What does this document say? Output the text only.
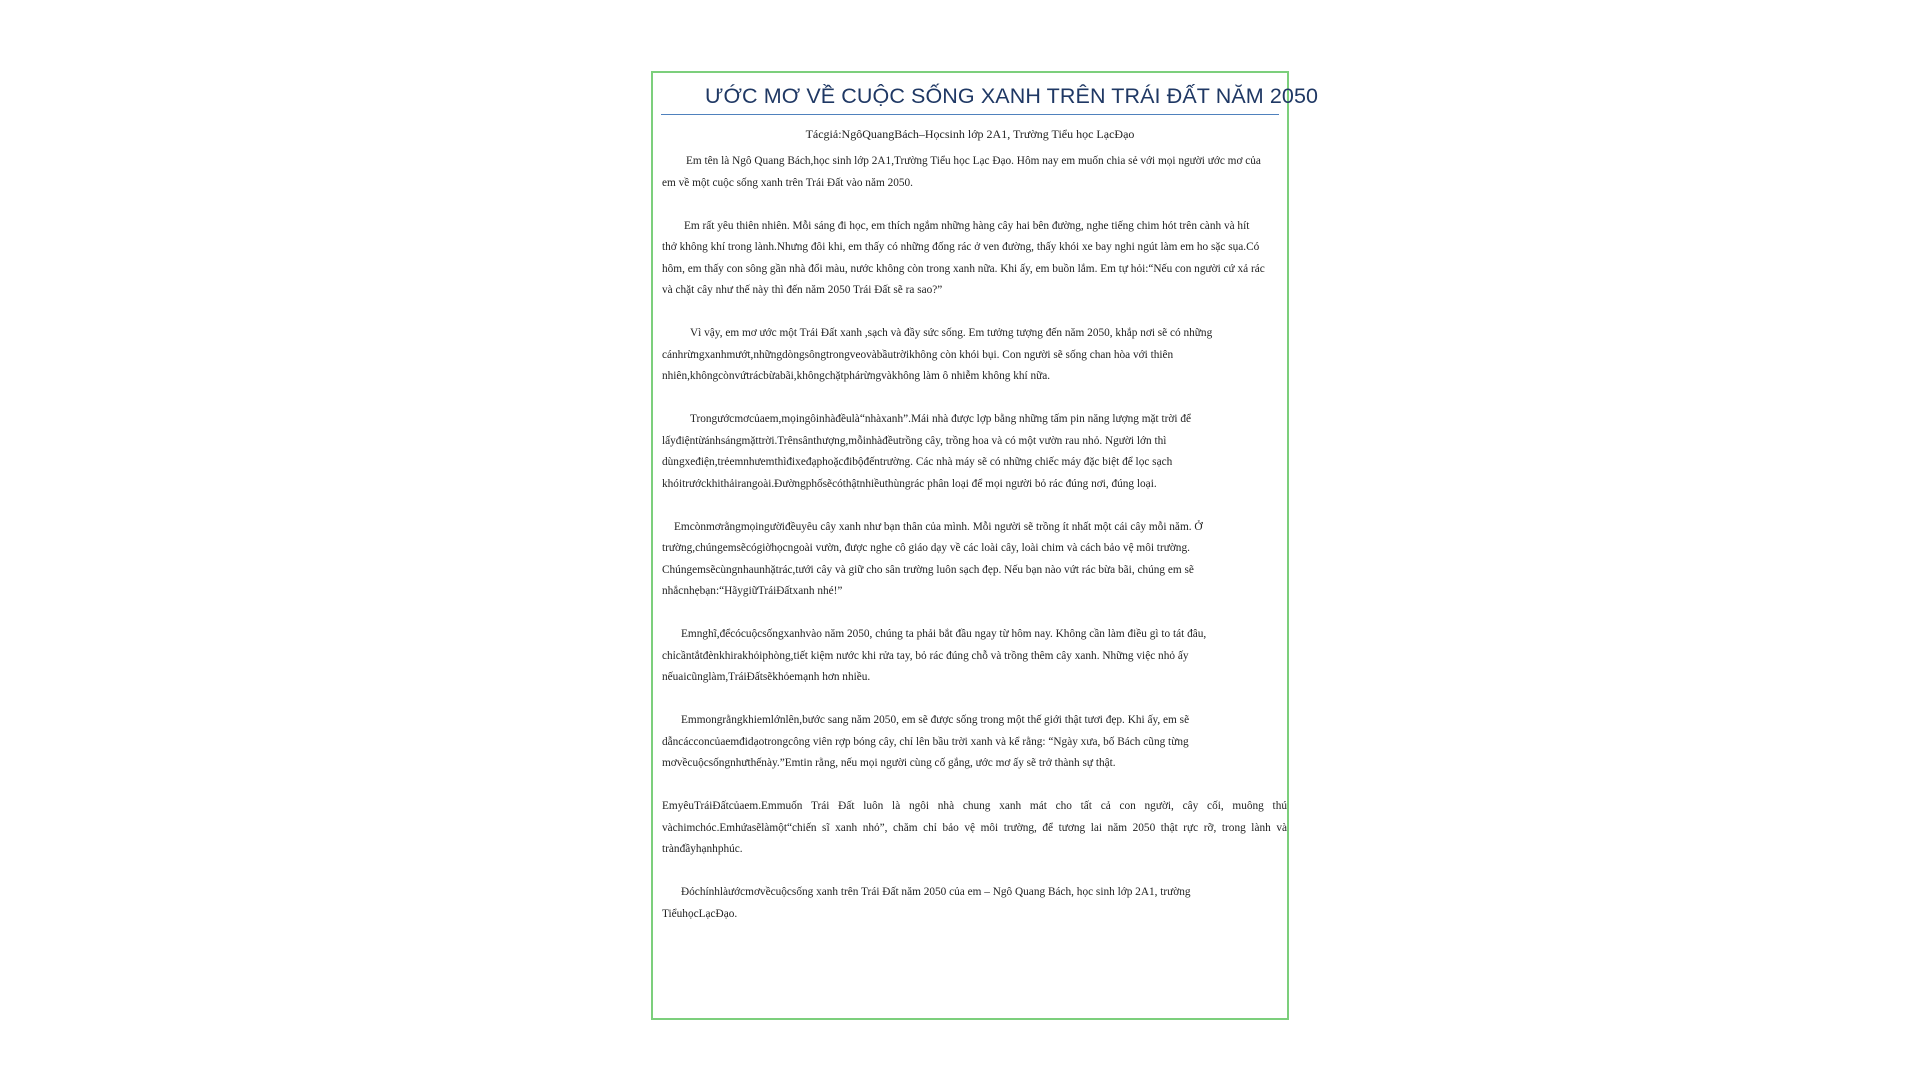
ƯỚC MƠ VỀ CUỘC SỐNG XANH TRÊN TRÁI ĐẤT NĂM 2050
Tácgiả:NgôQuangBách–Họcsinh lớp 2A1, Trường Tiểu học LạcĐạo

Em tên là Ngô Quang Bách,học sinh lớp 2A1,Trường Tiểu học Lạc Đạo. Hôm nay em muốn chia sẻ với mọi người ước mơ của em về một cuộc sống xanh trên Trái Đất vào năm 2050.

Em rất yêu thiên nhiên. Mỗi sáng đi học, em thích ngắm những hàng cây hai bên đường, nghe tiếng chim hót trên cành và hít thở không khí trong lành.Nhưng đôi khi, em thấy có những đống rác ở ven đường, thấy khói xe bay nghi ngút làm em ho sặc sụa.Có hôm, em thấy con sông gần nhà đổi màu, nước không còn trong xanh nữa. Khi ấy, em buồn lắm. Em tự hỏi:“Nếu con người cứ xả rác và chặt cây như thế này thì đến năm 2050 Trái Đất sẽ ra sao?”

Vì vậy, em mơ ước một Trái Đất xanh ,sạch và đầy sức sống. Em tưởng tượng đến năm 2050, khắp nơi sẽ có những cánhrừngxanhmướt,nhữngdòngsôngtrongveovàbầutrờikhông còn khói bụi. Con người sẽ sống chan hòa với thiên nhiên,khôngcònvứtrácbừabãi,khôngchặtphárừngvàkhông làm ô nhiễm không khí nữa.

Trongướcmơcủaem,mọingôinhàđềulà“nhàxanh”.Mái nhà được lợp bằng những tấm pin năng lượng mặt trời để lấyđiệntừánhsángmặttrời.Trênsânthượng,mỗinhàđềutrồng cây, trồng hoa và có một vườn rau nhỏ. Người lớn thì dùngxeđiện,trẻemnhưemthìđixeđạphoặcđibộđếntrường. Các nhà máy sẽ có những chiếc máy đặc biệt để lọc sạch khóitrướckhithảirangoài.Đườngphốsẽcóthậtnhiềuthùngrác phân loại để mọi người bỏ rác đúng nơi, đúng loại.

Emcònmơrằngmọingườiđềuyêu cây xanh như bạn thân của mình. Mỗi người sẽ trồng ít nhất một cái cây mỗi năm. Ở trường,chúngemsẽcógiờhọcngoài vườn, được nghe cô giáo dạy về các loài cây, loài chim và cách bảo vệ môi trường. Chúngemsẽcùngnhaunhặtrác,tưới cây và giữ cho sân trường luôn sạch đẹp. Nếu bạn nào vứt rác bừa bãi, chúng em sẽ nhắcnhẹbạn:“HãygiữTráiĐấtxanh nhé!”

Emnghĩ,đểcócuộcsốngxanhvào năm 2050, chúng ta phải bắt đầu ngay từ hôm nay. Không cần làm điều gì to tát đâu, chỉcầntắtđènkhirakhỏiphòng,tiết kiệm nước khi rửa tay, bỏ rác đúng chỗ và trồng thêm cây xanh. Những việc nhỏ ấy nếuaicũnglàm,TráiĐấtsẽkhỏemạnh hơn nhiều.

Emmongrằngkhiemlớnlên,bước sang năm 2050, em sẽ được sống trong một thế giới thật tươi đẹp. Khi ấy, em sẽ dẫncácconcủaemđidạotrongcông viên rợp bóng cây, chỉ lên bầu trời xanh và kể rằng: “Ngày xưa, bố Bách cũng từng mơvềcuộcsốngnhưthếnày.”Emtin rằng, nếu mọi người cùng cố gắng, ước mơ ấy sẽ trở thành sự thật.

EmyêuTráiĐấtcủaem.Emmuốn Trái Đất luôn là ngôi nhà chung xanh mát cho tất cả con người, cây cối, muông thú vàchimchóc.Emhứasẽlàmột“chiến sĩ xanh nhỏ”, chăm chỉ bảo vệ môi trường, để tương lai năm 2050 thật rực rỡ, trong lành và trànđầyhạnhphúc.

Đóchínhlàướcmơvềcuộcsống xanh trên Trái Đất năm 2050 của em – Ngô Quang Bách, học sinh lớp 2A1, trường TiểuhọcLạcĐạo.
